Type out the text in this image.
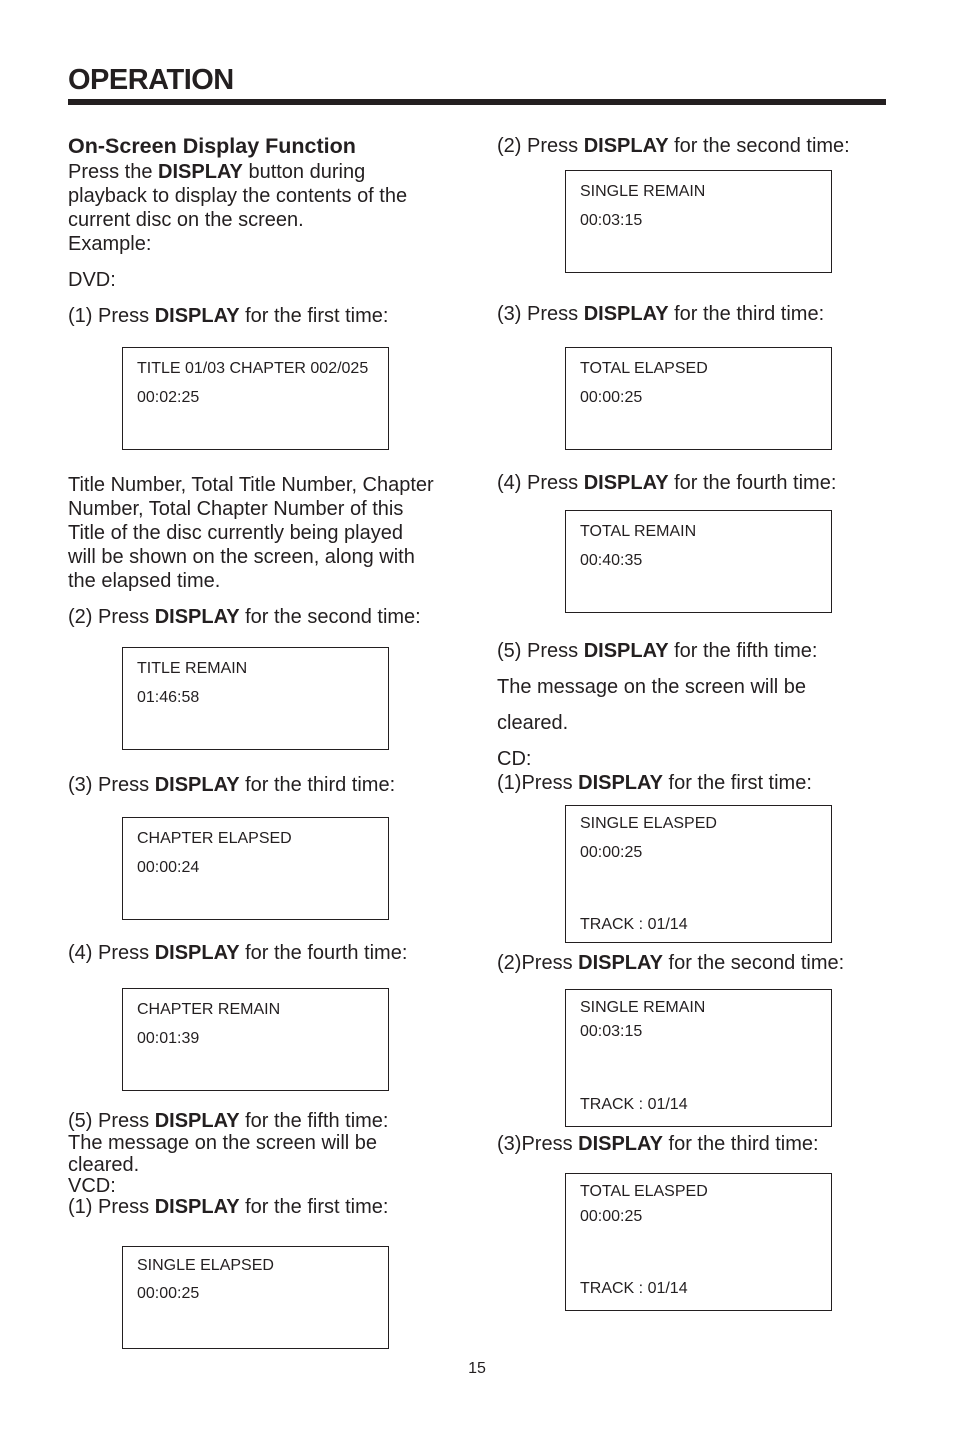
OPERATION

On-Screen Display Function

Press the DISPLAY button during

playback to display the contents of the

current disc on the screen.

Example:

DVD:

(1) Press DISPLAY for the first time:

TITLE 01/03 CHAPTER 002/025
00:02:25

Title Number, Total Title Number, Chapter

Number, Total Chapter Number of this

Title of the disc currently being played

will be shown on the screen, along with

the elapsed time.

(2) Press DISPLAY for the second time:

TITLE REMAIN
01:46:58

(3) Press DISPLAY for the third time:

CHAPTER ELAPSED
00:00:24

(4) Press DISPLAY for the fourth time:

CHAPTER REMAIN
00:01:39

(5) Press DISPLAY for the fifth time:

The message on the screen will be

cleared.

VCD:

(1) Press DISPLAY for the first time:

SINGLE ELAPSED
00:00:25

(2) Press DISPLAY for the second time:

SINGLE REMAIN
00:03:15

(3) Press DISPLAY for the third time:

TOTAL ELAPSED
00:00:25

(4) Press DISPLAY for the fourth time:

TOTAL REMAIN
00:40:35

(5) Press DISPLAY for the fifth time:

The message on the screen will be

cleared.

CD:

(1)Press DISPLAY for the first time:

SINGLE ELASPED
00:00:25
TRACK : 01/14

(2)Press DISPLAY for the second time:

SINGLE REMAIN
00:03:15
TRACK : 01/14

(3)Press DISPLAY for the third time:

TOTAL ELASPED
00:00:25
TRACK : 01/14
15
